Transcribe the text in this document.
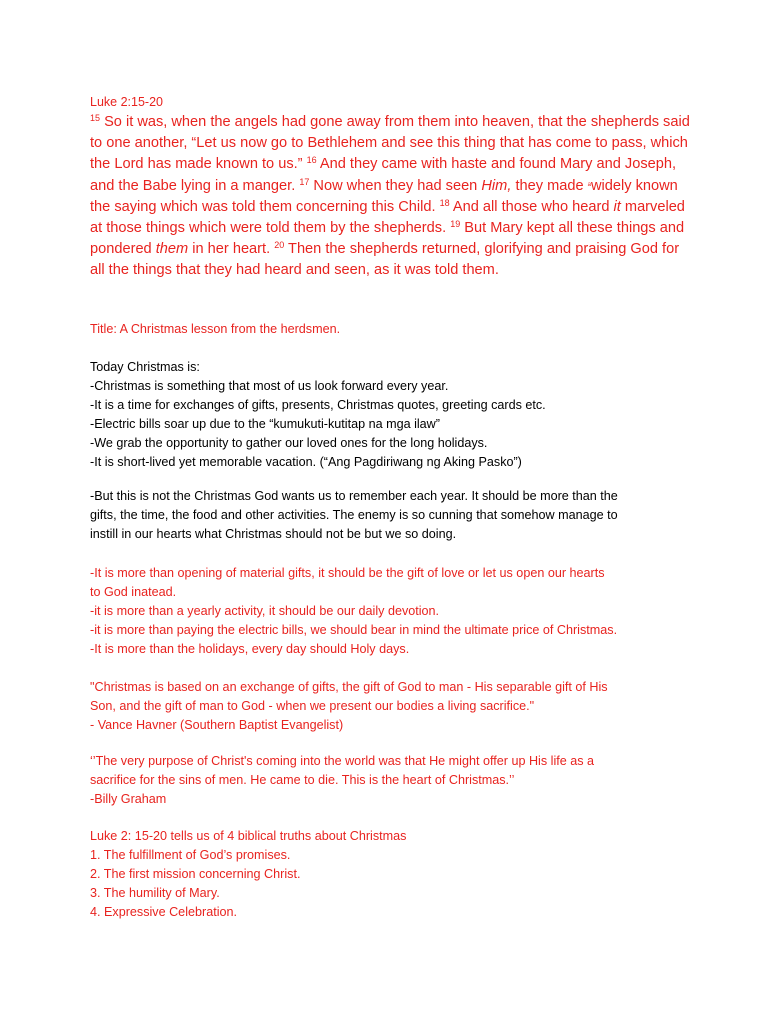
Luke 2:15-20
$^{15}$ So it was, when the angels had gone away from them into heaven, that the shepherds said to one another, “Let us now go to Bethlehem and see this thing that has come to pass, which the Lord has made known to us.” $^{16}$ And they came with haste and found Mary and Joseph, and the Babe lying in a manger. $^{17}$ Now when they had seen Him, they made $^a$widely known the saying which was told them concerning this Child. $^{18}$ And all those who heard it marveled at those things which were told them by the shepherds. $^{19}$ But Mary kept all these things and pondered them in her heart. $^{20}$ Then the shepherds returned, glorifying and praising God for all the things that they had heard and seen, as it was told them.
Title: A Christmas lesson from the herdsmen.
Today Christmas is:
-Christmas is something that most of us look forward every year.
-It is a time for exchanges of gifts, presents, Christmas quotes, greeting cards etc.
-Electric bills soar up due to the “kumukuti-kutitap na mga ilaw”
-We grab the opportunity to gather our loved ones for the long holidays.
-It is short-lived yet memorable vacation. (“Ang Pagdiriwang ng Aking Pasko”)
-But this is not the Christmas God wants us to remember each year. It should be more than the
gifts, the time, the food and other activities. The enemy is so cunning that somehow manage to
instill in our hearts what Christmas should not be but we so doing.
-It is more than opening of material gifts, it should be the gift of love or let us open our hearts
to God inatead.
-it is more than a yearly activity, it should be our daily devotion.
-it is more than paying the electric bills, we should bear in mind the ultimate price of Christmas.
-It is more than the holidays, every day should Holy days.
"Christmas is based on an exchange of gifts, the gift of God to man - His separable gift of His
Son, and the gift of man to God - when we present our bodies a living sacrifice."
- Vance Havner (Southern Baptist Evangelist)
‘’The very purpose of Christ's coming into the world was that He might offer up His life as a
sacrifice for the sins of men. He came to die. This is the heart of Christmas.’’
-Billy Graham
Luke 2: 15-20 tells us of 4 biblical truths about Christmas
1. The fulfillment of God’s promises.
2. The first mission concerning Christ.
3. The humility of Mary.
4. Expressive Celebration.
